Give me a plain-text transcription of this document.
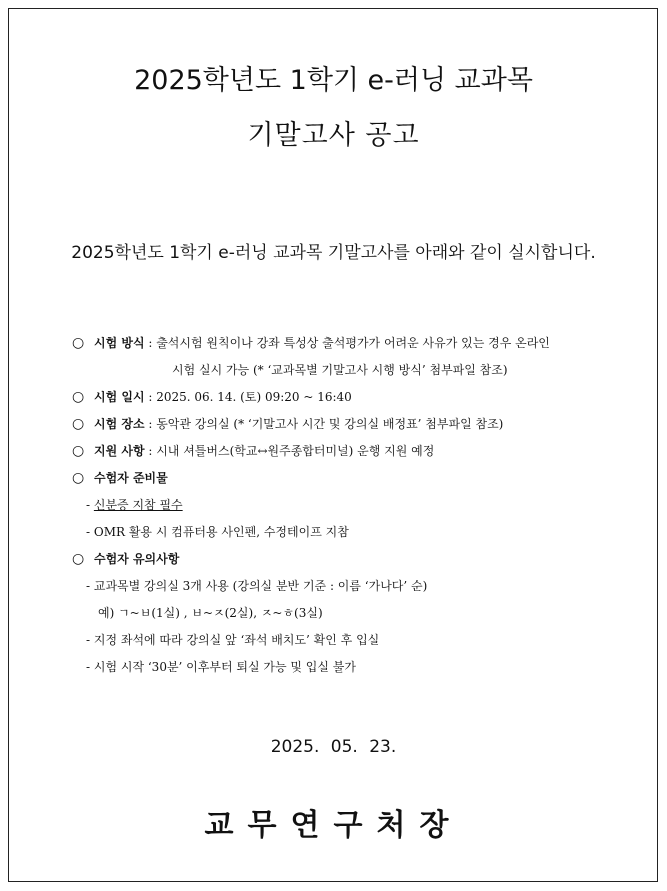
2025학년도 1학기 e-러닝 교과목
기말고사 공고
2025학년도 1학기 e-러닝 교과목 기말고사를 아래와 같이 실시합니다.
○ 시험 방식 : 출석시험 원칙이나 강좌 특성상 출석평가가 어려운 사유가 있는 경우 온라인
시험 실시 가능 (* ‘교과목별 기말고사 시행 방식’ 첨부파일 참조)
○ 시험 일시 : 2025. 06. 14. (토) 09:20 ~ 16:40
○ 시험 장소 : 동악관 강의실 (* ‘기말고사 시간 및 강의실 배정표’ 첨부파일 참조)
○ 지원 사항 : 시내 셔틀버스(학교↔원주종합터미널) 운행 지원 예정
○ 수험자 준비물
- 신분증 지참 필수
- OMR 활용 시 컴퓨터용 사인펜, 수정테이프 지참
○ 수험자 유의사항
- 교과목별 강의실 3개 사용 (강의실 분반 기준 : 이름 ‘가나다’ 순)
예) ㄱ~ㅂ(1실) , ㅂ~ㅈ(2실), ㅈ~ㅎ(3실)
- 지정 좌석에 따라 강의실 앞 ‘좌석 배치도’ 확인 후 입실
- 시험 시작 ‘30분’ 이후부터 퇴실 가능 및 입실 불가
2025. 05. 23.
교무연구처장
